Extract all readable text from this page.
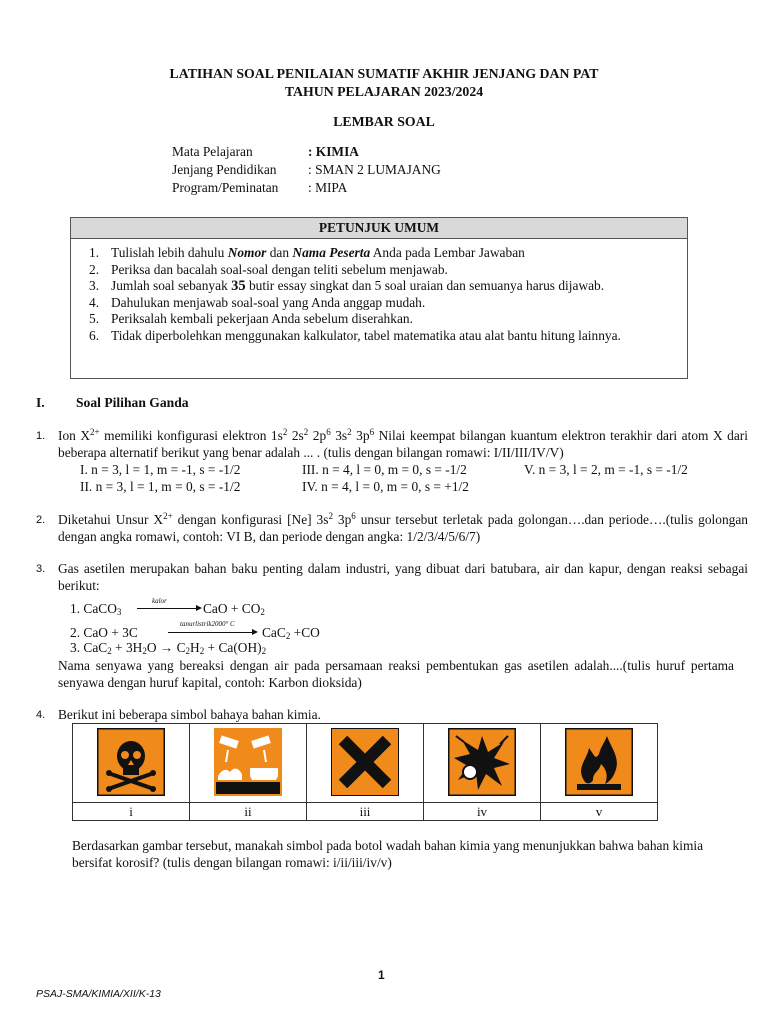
LATIHAN SOAL PENILAIAN SUMATIF AKHIR JENJANG DAN PAT
TAHUN PELAJARAN 2023/2024
LEMBAR SOAL
Mata Pelajaran	: KIMIA
Jenjang Pendidikan : SMAN 2 LUMAJANG
Program/Peminatan : MIPA
PETUNJUK UMUM
1. Tulislah lebih dahulu Nomor dan Nama Peserta Anda pada Lembar Jawaban
2. Periksa dan bacalah soal-soal dengan teliti sebelum menjawab.
3. Jumlah soal sebanyak 35 butir essay singkat dan 5 soal uraian dan semuanya harus dijawab.
4. Dahulukan menjawab soal-soal yang Anda anggap mudah.
5. Periksalah kembali pekerjaan Anda sebelum diserahkan.
6. Tidak diperbolehkan menggunakan kalkulator, tabel matematika atau alat bantu hitung lainnya.
I. Soal Pilihan Ganda
1. Ion $X^{2+}$ memiliki konfigurasi elektron $1s^2$ $2s^2$ $2p^6$ $3s^2$ $3p^6$ Nilai keempat bilangan kuantum elektron terakhir dari atom X dari beberapa alternatif berikut yang benar adalah ... . (tulis dengan bilangan romawi: I/II/III/IV/V)
I. n = 3, l = 1, m = -1, s = -1/2	III. n = 4, l = 0, m = 0, s = -1/2	V. n = 3, l = 2, m = -1, s = -1/2
II. n = 3, l = 1, m = 0, s = -1/2	IV. n = 4, l = 0, m = 0, s = +1/2
2. Diketahui Unsur $X^{2+}$ dengan konfigurasi [Ne] $3s^2$ $3p^6$ unsur tersebut terletak pada golongan….dan periode….(tulis golongan dengan angka romawi, contoh: VI B, dan periode dengan angka: 1/2/3/4/5/6/7)
3. Gas asetilen merupakan bahan baku penting dalam industri, yang dibuat dari batubara, air dan kapur, dengan reaksi sebagai berikut:
1. CaCO$_3$
kalor	CaO + $CO_2$
2. CaO + 3C
tanurlistrik2000° C
CaC$_2$ +CO
3. $CaC_2 + 3H_2O \to C_2H_2 + Ca(OH)_2$
Nama senyawa yang bereaksi dengan air pada persamaan reaksi pembentukan gas asetilen adalah....(tulis huruf pertama senyawa dengan huruf kapital, contoh: Karbon dioksida)
4. Berikut ini beberapa simbol bahaya bahan kimia.

i	ii	iii	iv	v
Berdasarkan gambar tersebut, manakah simbol pada botol wadah bahan kimia yang menunjukkan bahwa bahan kimia bersifat korosif? (tulis dengan bilangan romawi: i/ii/iii/iv/v)
1
PSAJ-SMA/KIMIA/XII/K-13
